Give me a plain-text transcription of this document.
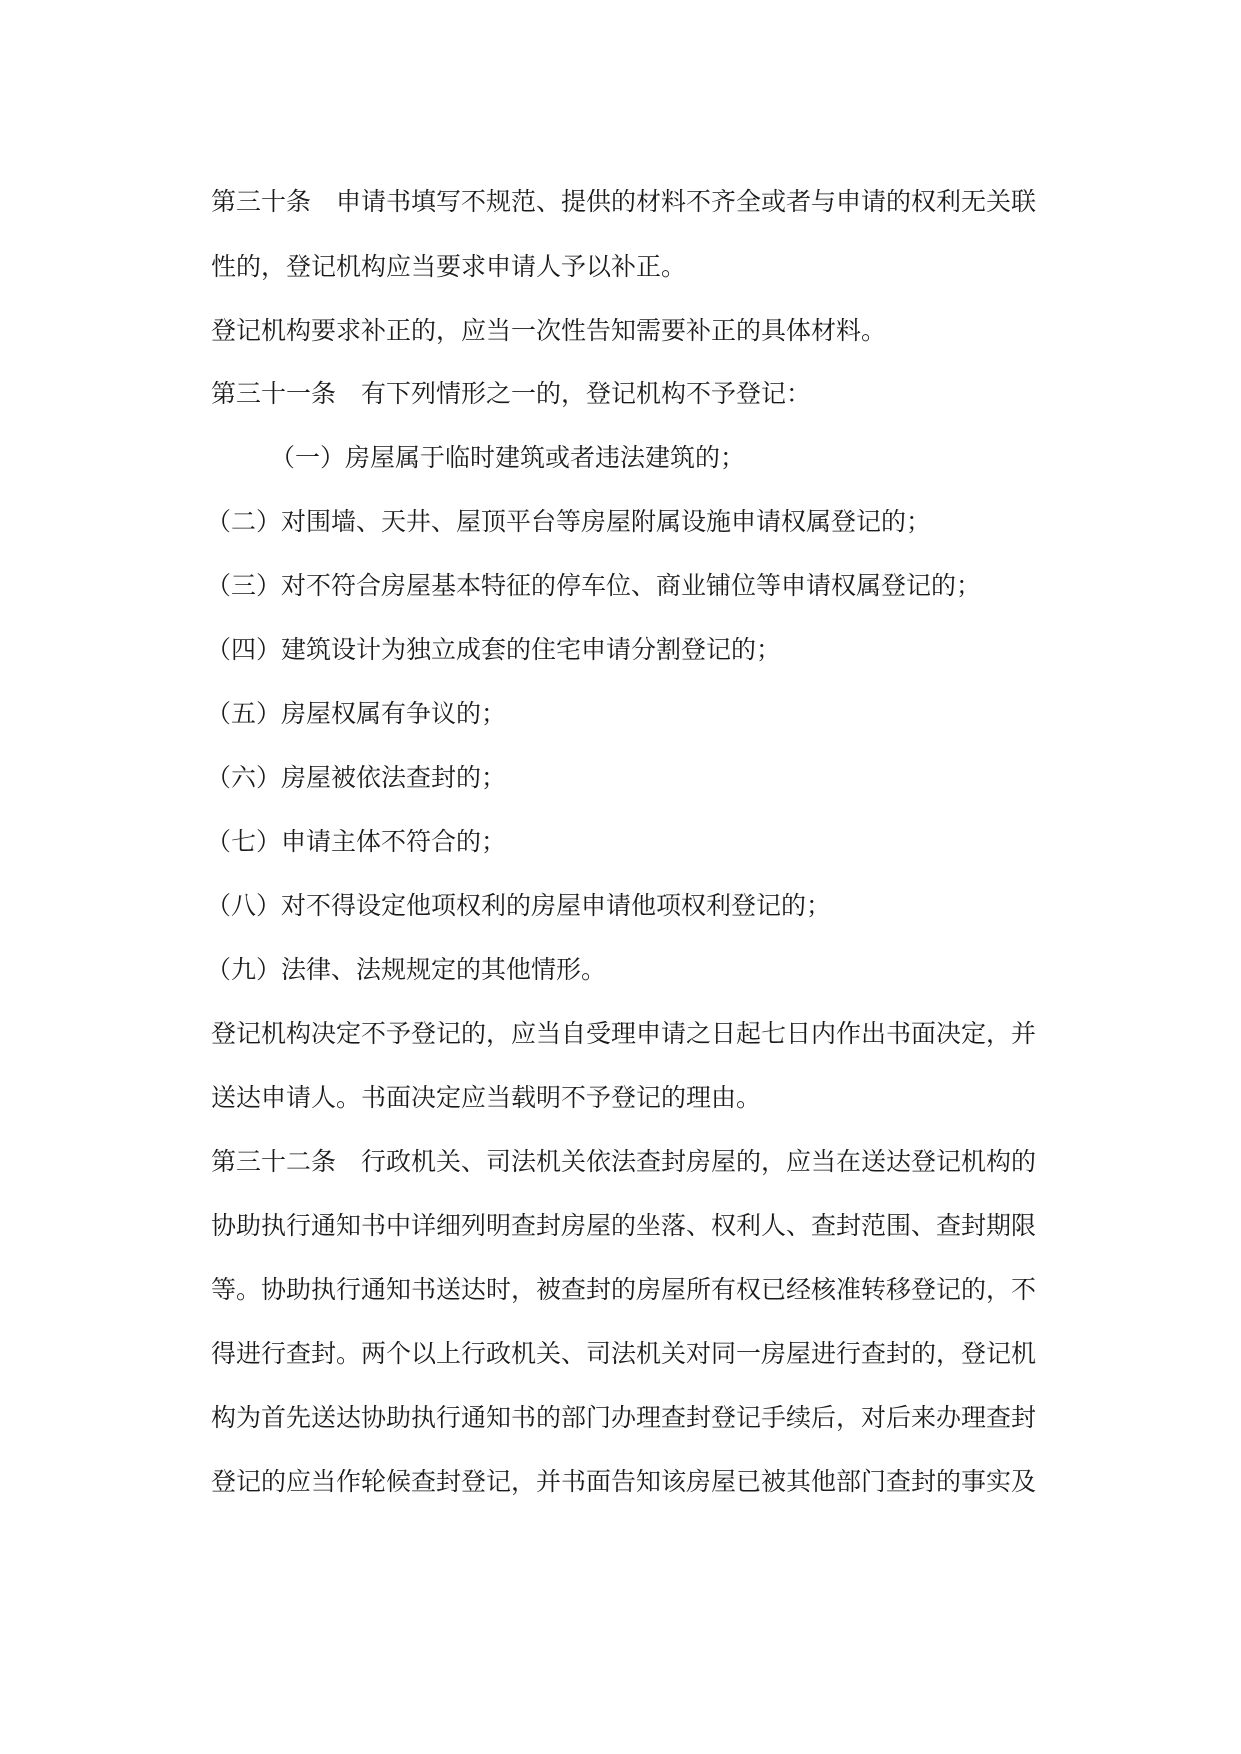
第三十条　申请书填写不规范、提供的材料不齐全或者与申请的权利无关联
性的，登记机构应当要求申请人予以补正。
登记机构要求补正的，应当一次性告知需要补正的具体材料。
第三十一条　有下列情形之一的，登记机构不予登记：
（一）房屋属于临时建筑或者违法建筑的；
（二）对围墙、天井、屋顶平台等房屋附属设施申请权属登记的；
（三）对不符合房屋基本特征的停车位、商业铺位等申请权属登记的；
（四）建筑设计为独立成套的住宅申请分割登记的；
（五）房屋权属有争议的；
（六）房屋被依法查封的；
（七）申请主体不符合的；
（八）对不得设定他项权利的房屋申请他项权利登记的；
（九）法律、法规规定的其他情形。
登记机构决定不予登记的，应当自受理申请之日起七日内作出书面决定，并
送达申请人。书面决定应当载明不予登记的理由。
第三十二条　行政机关、司法机关依法查封房屋的，应当在送达登记机构的
协助执行通知书中详细列明查封房屋的坐落、权利人、查封范围、查封期限
等。协助执行通知书送达时，被查封的房屋所有权已经核准转移登记的，不
得进行查封。两个以上行政机关、司法机关对同一房屋进行查封的，登记机
构为首先送达协助执行通知书的部门办理查封登记手续后，对后来办理查封
登记的应当作轮候查封登记，并书面告知该房屋已被其他部门查封的事实及
